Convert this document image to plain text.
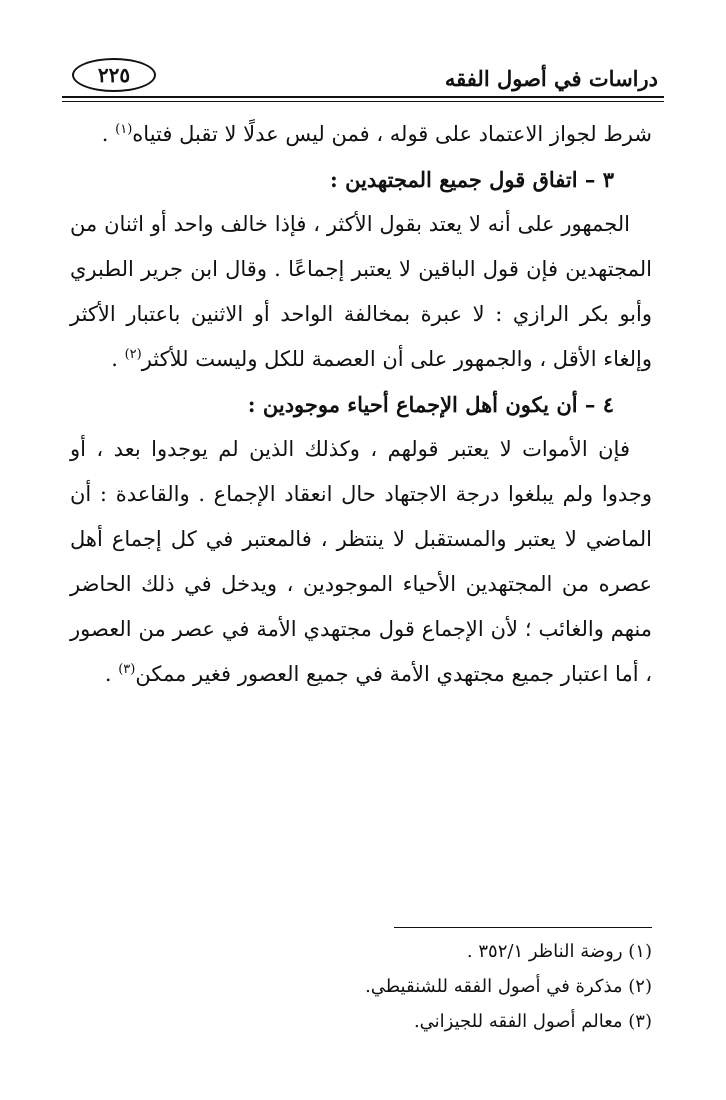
دراسات في أصول الفقه
٢٢٥

شرط لجواز الاعتماد على قوله ، فمن ليس عدلًا لا تقبل فتياه$^{(١)}$ .

٣ – اتفاق قول جميع المجتهدين :

الجمهور على أنه لا يعتد بقول الأكثر ، فإذا خالف واحد أو اثنان من المجتهدين فإن قول الباقين لا يعتبر إجماعًا . وقال ابن جرير الطبري وأبو بكر الرازي : لا عبرة بمخالفة الواحد أو الاثنين باعتبار الأكثر وإلغاء الأقل ، والجمهور على أن العصمة للكل وليست للأكثر$^{(٢)}$ .

٤ – أن يكون أهل الإجماع أحياء موجودين :

فإن الأموات لا يعتبر قولهم ، وكذلك الذين لم يوجدوا بعد ، أو وجدوا ولم يبلغوا درجة الاجتهاد حال انعقاد الإجماع . والقاعدة : أن الماضي لا يعتبر والمستقبل لا ينتظر ، فالمعتبر في كل إجماع أهل عصره من المجتهدين الأحياء الموجودين ، ويدخل في ذلك الحاضر منهم والغائب ؛ لأن الإجماع قول مجتهدي الأمة في عصر من العصور ، أما اعتبار جميع مجتهدي الأمة في جميع العصور فغير ممكن$^{(٣)}$ .

(١) روضة الناظر ٣٥٢/١ .

(٢) مذكرة في أصول الفقه للشنقيطي.

(٣) معالم أصول الفقه للجيزاني.
